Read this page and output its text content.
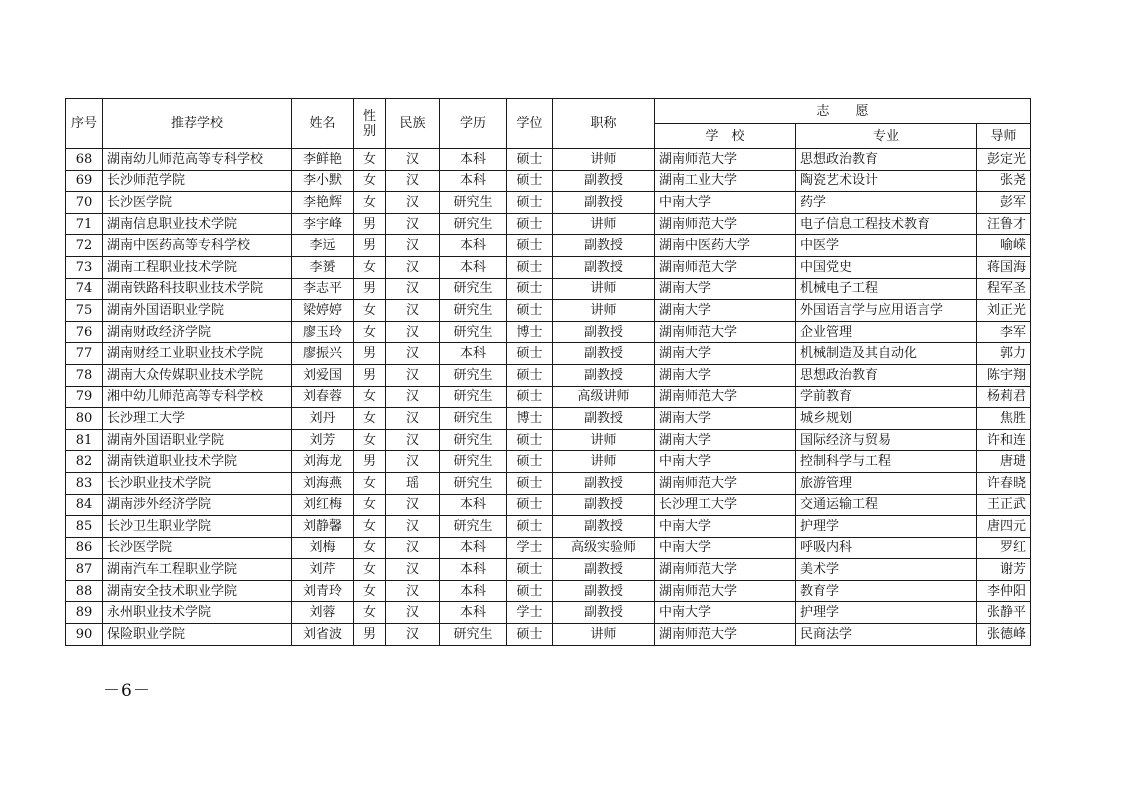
序号	推荐学校	姓名	性别	民族	学历	学位	职称	志　　愿		
								学　校	专业	导师
68	湖南幼儿师范高等专科学校	李鲜艳	女	汉	本科	硕士	讲师	湖南师范大学	思想政治教育	彭定光
69	长沙师范学院	李小默	女	汉	本科	硕士	副教授	湖南工业大学	陶瓷艺术设计	张尧
70	长沙医学院	李艳辉	女	汉	研究生	硕士	副教授	中南大学	药学	彭军
71	湖南信息职业技术学院	李宇峰	男	汉	研究生	硕士	讲师	湖南师范大学	电子信息工程技术教育	汪鲁才
72	湖南中医药高等专科学校	李远	男	汉	本科	硕士	副教授	湖南中医药大学	中医学	喻嵘
73	湖南工程职业技术学院	李赟	女	汉	本科	硕士	副教授	湖南师范大学	中国党史	蒋国海
74	湖南铁路科技职业技术学院	李志平	男	汉	研究生	硕士	讲师	湖南大学	机械电子工程	程军圣
75	湖南外国语职业学院	梁婷婷	女	汉	研究生	硕士	讲师	湖南大学	外国语言学与应用语言学	刘正光
76	湖南财政经济学院	廖玉玲	女	汉	研究生	博士	副教授	湖南师范大学	企业管理	李军
77	湖南财经工业职业技术学院	廖振兴	男	汉	本科	硕士	副教授	湖南大学	机械制造及其自动化	郭力
78	湖南大众传媒职业技术学院	刘爱国	男	汉	研究生	硕士	副教授	湖南大学	思想政治教育	陈宇翔
79	湘中幼儿师范高等专科学校	刘春蓉	女	汉	研究生	硕士	高级讲师	湖南师范大学	学前教育	杨莉君
80	长沙理工大学	刘丹	女	汉	研究生	博士	副教授	湖南大学	城乡规划	焦胜
81	湖南外国语职业学院	刘芳	女	汉	研究生	硕士	讲师	湖南大学	国际经济与贸易	许和连
82	湖南铁道职业技术学院	刘海龙	男	汉	研究生	硕士	讲师	中南大学	控制科学与工程	唐琎
83	长沙职业技术学院	刘海燕	女	瑶	研究生	硕士	副教授	湖南师范大学	旅游管理	许春晓
84	湖南涉外经济学院	刘红梅	女	汉	本科	硕士	副教授	长沙理工大学	交通运输工程	王正武
85	长沙卫生职业学院	刘静馨	女	汉	研究生	硕士	副教授	中南大学	护理学	唐四元
86	长沙医学院	刘梅	女	汉	本科	学士	高级实验师	中南大学	呼吸内科	罗红
87	湖南汽车工程职业学院	刘芹	女	汉	本科	硕士	副教授	湖南师范大学	美术学	谢芳
88	湖南安全技术职业学院	刘青玲	女	汉	本科	硕士	副教授	湖南师范大学	教育学	李仲阳
89	永州职业技术学院	刘蓉	女	汉	本科	学士	副教授	中南大学	护理学	张静平
90	保险职业学院	刘省波	男	汉	研究生	硕士	讲师	湖南师范大学	民商法学	张德峰
－6－
